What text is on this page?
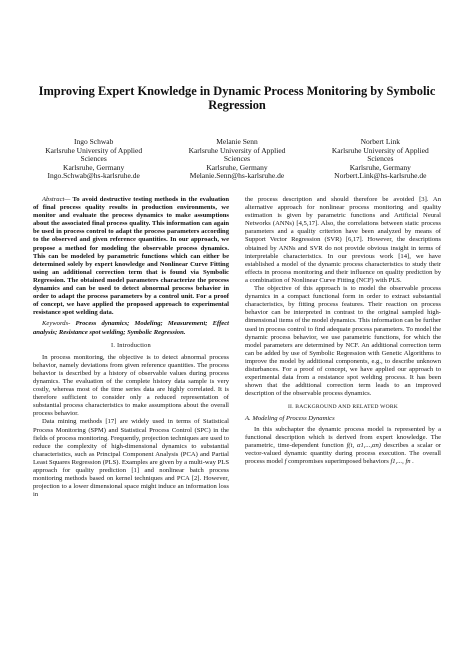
Improving Expert Knowledge in Dynamic Process Monitoring by Symbolic Regression
Ingo Schwab
Karlsruhe University of Applied Sciences
Karlsruhe, Germany
Ingo.Schwab@hs-karlsruhe.de
Melanie Senn
Karlsruhe University of Applied Sciences
Karlsruhe, Germany
Melanie.Senn@hs-karlsruhe.de
Norbert Link
Karlsruhe University of Applied Sciences
Karlsruhe, Germany
Norbert.Link@hs-karlsruhe.de

Abstract— To avoid destructive testing methods in the evaluation of final process quality results in production environments, we monitor and evaluate the process dynamics to make assumptions about the associated final process quality. This information can again be used in process control to adapt the process parameters according to the observed and given reference quantities. In our approach, we propose a method for modeling the observable process dynamics. This can be modeled by parametric functions which can either be determined solely by expert knowledge and Nonlinear Curve Fitting using an additional correction term that is found via Symbolic Regression. The obtained model parameters characterize the process dynamics and can be used to detect abnormal process behavior in order to adapt the process parameters by a control unit. For a proof of concept, we have applied the proposed approach to experimental resistance spot welding data.

Keywords- Process dynamics; Modeling; Measurement; Effect analysis; Resistance spot welding; Symbolic Regression.

I. Introduction

In process monitoring, the objective is to detect abnormal process behavior, namely deviations from given reference quantities. The process behavior is described by a history of observable values during process dynamics. The evaluation of the complete history data sample is very costly, whereas most of the time series data are highly correlated. It is therefore sufficient to consider only a reduced representation of substantial process characteristics to make assumptions about the overall process behavior.

Data mining methods [17] are widely used in terms of Statistical Process Monitoring (SPM) and Statistical Process Control (SPC) in the fields of process monitoring. Frequently, projection techniques are used to reduce the complexity of high-dimensional dynamics to substantial characteristics, such as Principal Component Analysis (PCA) and Partial Least Squares Regression (PLS). Examples are given by a multi-way PLS approach for quality prediction [1] and nonlinear batch process monitoring methods based on kernel techniques and PCA [2]. However, projection to a lower dimensional space might induce an information loss in

the process description and should therefore be avoided [3]. An alternative approach for nonlinear process monitoring and quality estimation is given by parametric functions and Artificial Neural Networks (ANNs) [4,5,17]. Also, the correlations between static process parameters and a quality criterion have been analyzed by means of Support Vector Regression (SVR) [6,17]. However, the descriptions obtained by ANNs and SVR do not provide obvious insight in terms of interpretable characteristics. In our previous work [14], we have established a model of the dynamic process characteristics to study their effects in process monitoring and their influence on quality prediction by a combination of Nonlinear Curve Fitting (NCF) with PLS.

The objective of this approach is to model the observable process dynamics in a compact functional form in order to extract substantial characteristics, by fitting process features. Their reaction on process behavior can be interpreted in contrast to the original sampled high-dimensional items of the model dynamics. This information can be further used in process control to find adequate process parameters. To model the dynamic process behavior, we use parametric functions, for which the model parameters are determined by NCF. An additional correction term can be added by use of Symbolic Regression with Genetic Algorithms to improve the model by additional components, e.g., to describe unknown disturbances. For a proof of concept, we have applied our approach to experimental data from a resistance spot welding process. It has been shown that the additional correction term leads to an improved description of the observable process dynamics.

II. BACKGROUND AND RELATED WORK

A. Modeling of Process Dynamics

In this subchapter the dynamic process model is represented by a functional description which is derived from expert knowledge. The parametric, time-dependent function f(t, α1,...,αn) describes a scalar or vector-valued dynamic quantity during process execution. The overall process model f compromises superimposed behaviors f1,..., fn .
